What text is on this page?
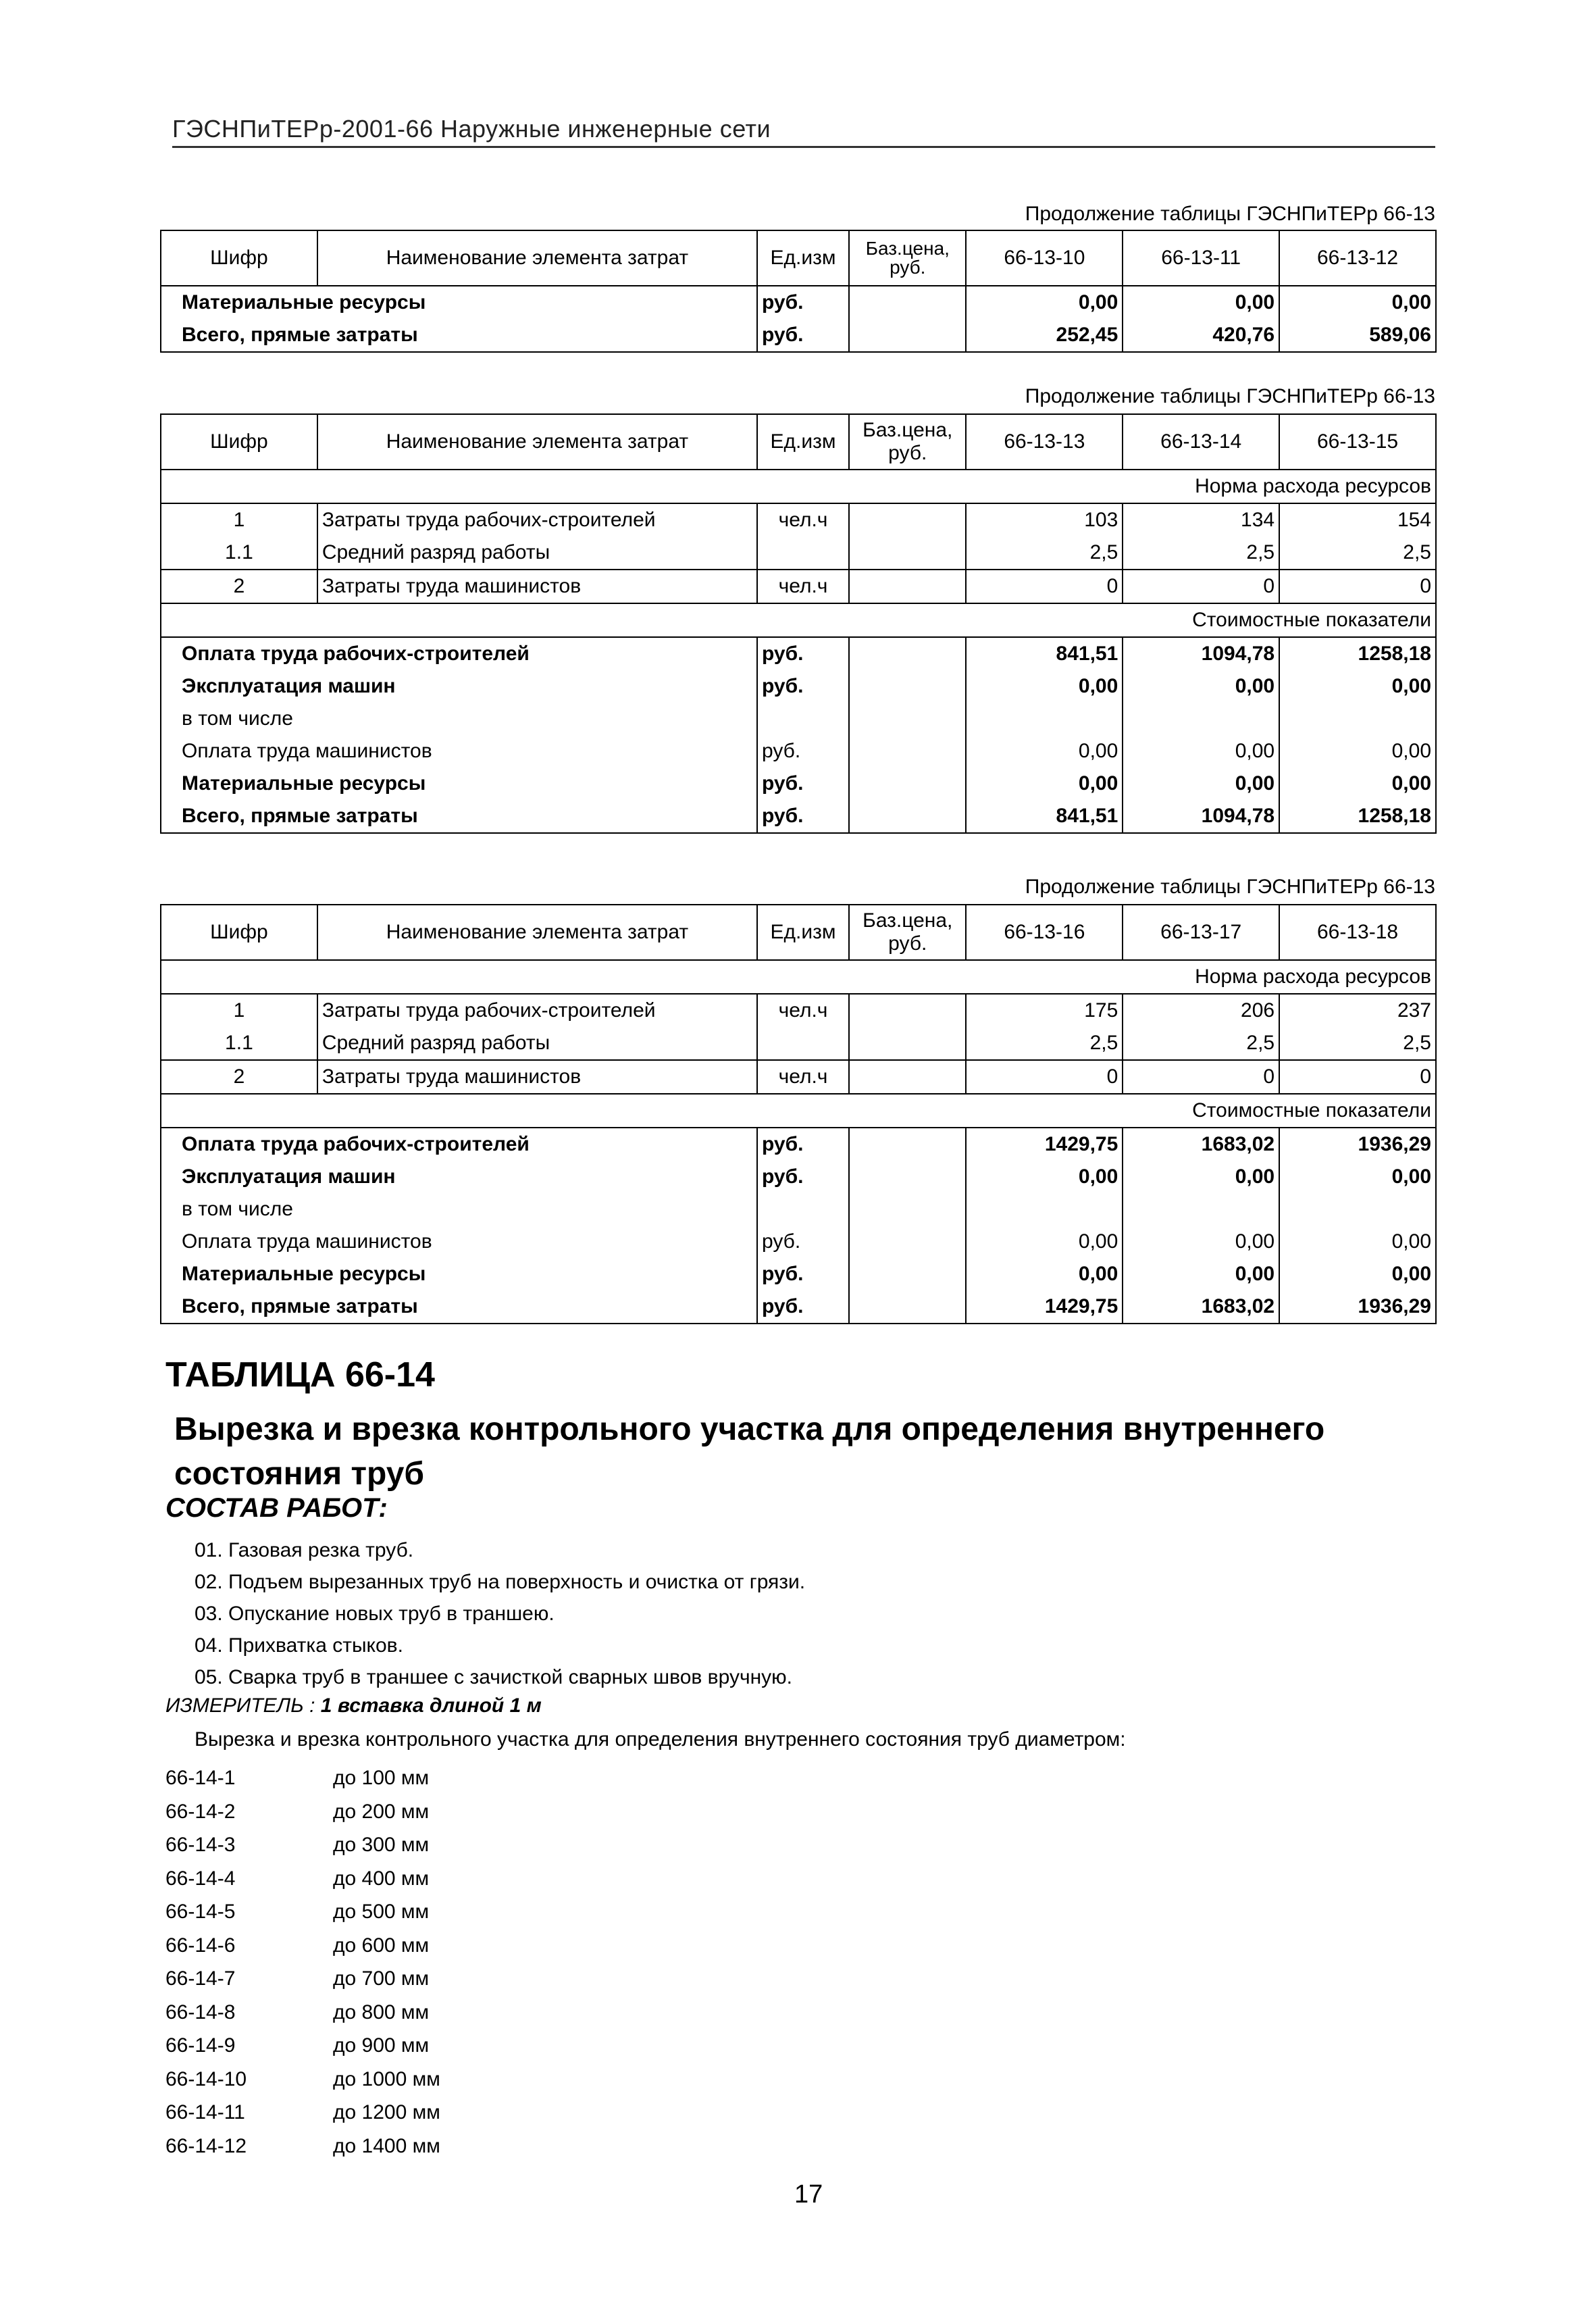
ГЭСНПиТЕРр-2001-66 Наружные инженерные сети
Продолжение таблицы ГЭСНПиТЕРр 66-13
Шифр	Наименование элемента затрат	Ед.изм	Баз.цена, руб.	66-13-10	66-13-11	66-13-12
Материальные ресурсы		руб.		0,00	0,00	0,00
Всего, прямые затраты		руб.		252,45	420,76	589,06
Продолжение таблицы ГЭСНПиТЕРр 66-13
Шифр	Наименование элемента затрат	Ед.изм	Баз.цена, руб.	66-13-13	66-13-14	66-13-15
Норма расхода ресурсов						
1	Затраты труда рабочих-строителей	чел.ч		103	134	154
1.1	Средний разряд работы			2,5	2,5	2,5
2	Затраты труда машинистов	чел.ч		0	0	0
Стоимостные показатели						
Оплата труда рабочих-строителей		руб.		841,51	1094,78	1258,18
Эксплуатация машин		руб.		0,00	0,00	0,00
в том числе						
Оплата труда машинистов		руб.		0,00	0,00	0,00
Материальные ресурсы		руб.		0,00	0,00	0,00
Всего, прямые затраты		руб.		841,51	1094,78	1258,18
Продолжение таблицы ГЭСНПиТЕРр 66-13
Шифр	Наименование элемента затрат	Ед.изм	Баз.цена, руб.	66-13-16	66-13-17	66-13-18
Норма расхода ресурсов						
1	Затраты труда рабочих-строителей	чел.ч		175	206	237
1.1	Средний разряд работы			2,5	2,5	2,5
2	Затраты труда машинистов	чел.ч		0	0	0
Стоимостные показатели						
Оплата труда рабочих-строителей		руб.		1429,75	1683,02	1936,29
Эксплуатация машин		руб.		0,00	0,00	0,00
в том числе						
Оплата труда машинистов		руб.		0,00	0,00	0,00
Материальные ресурсы		руб.		0,00	0,00	0,00
Всего, прямые затраты		руб.		1429,75	1683,02	1936,29
ТАБЛИЦА 66-14
Вырезка и врезка контрольного участка для определения внутреннего состояния труб
СОСТАВ РАБОТ:
01. Газовая резка труб.
02. Подъем вырезанных труб на поверхность и очистка от грязи.
03. Опускание новых труб в траншею.
04. Прихватка стыков.
05. Сварка труб в траншее с зачисткой сварных швов вручную.
ИЗМЕРИТЕЛЬ : 1 вставка длиной 1 м
Вырезка и врезка контрольного участка для определения внутреннего состояния труб диаметром:
66-14-1	до 100 мм
66-14-2	до 200 мм
66-14-3	до 300 мм
66-14-4	до 400 мм
66-14-5	до 500 мм
66-14-6	до 600 мм
66-14-7	до 700 мм
66-14-8	до 800 мм
66-14-9	до 900 мм
66-14-10	до 1000 мм
66-14-11	до 1200 мм
66-14-12	до 1400 мм
17
